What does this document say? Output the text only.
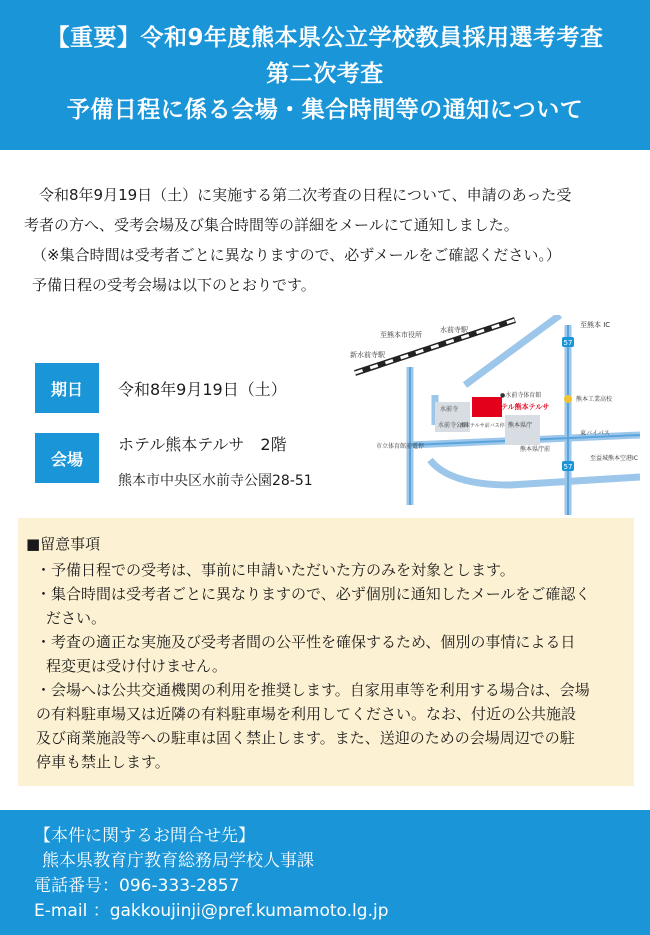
【重要】令和9年度熊本県公立学校教員採用選考考査
第二次考査
予備日程に係る会場・集合時間等の通知について

令和8年9月19日（土）に実施する第二次考査の日程について、申請のあった受

考者の方へ、受考会場及び集合時間等の詳細をメールにて通知しました。

（※集合時間は受考者ごとに異なりますので、必ずメールをご確認ください。）

予備日程の受考会場は以下のとおりです。

期日	令和8年9月19日（土）
会場
ホテル熊本テルサ　2階
熊本市中央区水前寺公園28-51
57
57
至熊本市役所
水前寺駅
新水前寺駅
至熊本 IC
●水前寺体育館
熊本工業高校
水前寺
水前寺公園
ホテル熊本テルサ
熊本テルサ前バス停
市立体育館前電停
熊本県庁
熊本県庁前
東バイパス
至益城熊本空港IC
■留意事項
・予備日程での受考は、事前に申請いただいた方のみを対象とします。
・集合時間は受考者ごとに異なりますので、必ず個別に通知したメールをご確認く
ださい。
・考査の適正な実施及び受考者間の公平性を確保するため、個別の事情による日
程変更は受け付けません。
・会場へは公共交通機関の利用を推奨します。自家用車等を利用する場合は、会場
の有料駐車場又は近隣の有料駐車場を利用してください。なお、付近の公共施設
及び商業施設等への駐車は固く禁止します。また、送迎のための会場周辺での駐
停車も禁止します。
【本件に関するお問合せ先】
熊本県教育庁教育総務局学校人事課
電話番号：096-333-2857
E-mail ：gakkoujinji@pref.kumamoto.lg.jp
